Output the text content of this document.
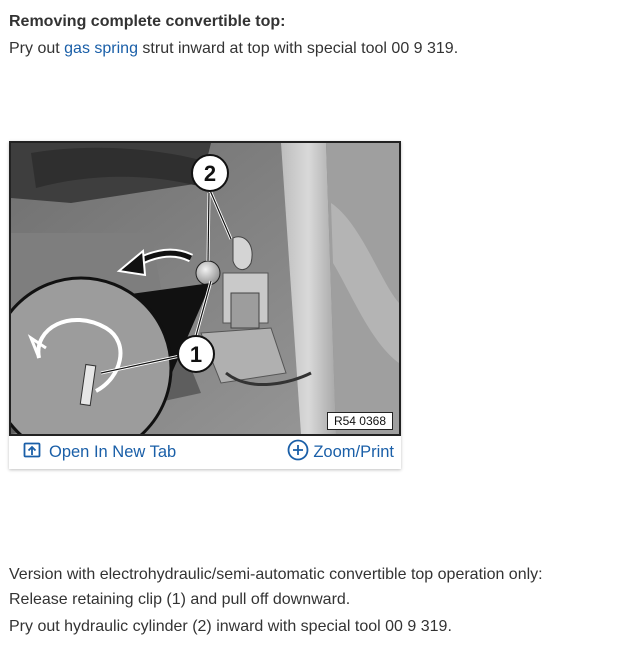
Removing complete convertible top:

Pry out gas spring strut inward at top with special tool 00 9 319.

2
1
R54 0368
Open In New Tab	Zoom/Print

Version with electrohydraulic/semi-automatic convertible top operation only:

Release retaining clip (1) and pull off downward.

Pry out hydraulic cylinder (2) inward with special tool 00 9 319.
